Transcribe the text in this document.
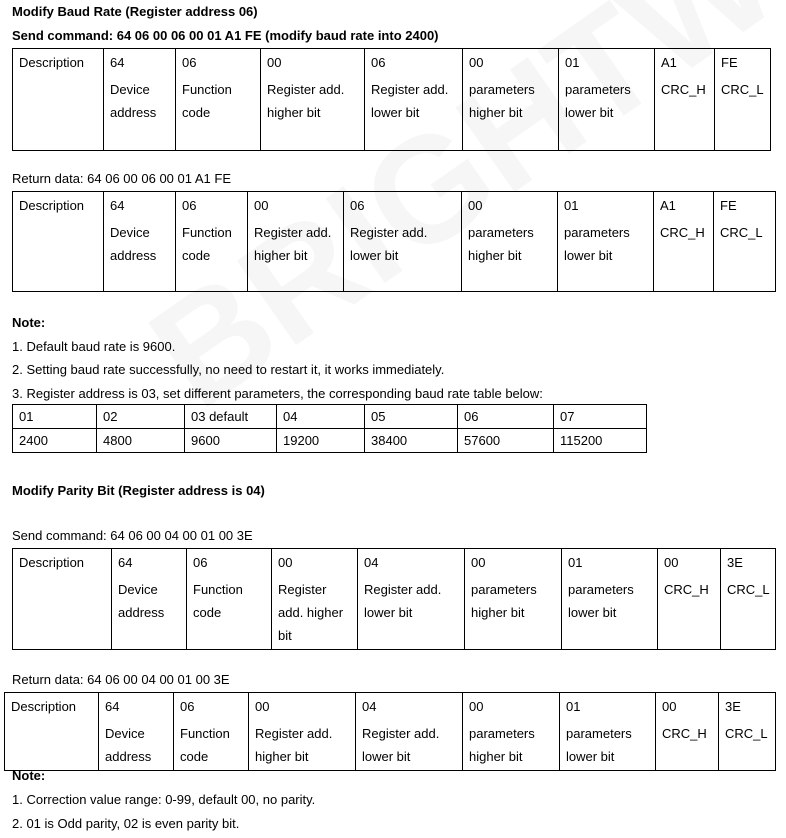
Modify Baud Rate (Register address 06)
Send command: 64 06 00 06 00 01 A1 FE (modify baud rate into 2400)
Description	64	06	00	06	00	01	A1	FE
	Device address	Function code	Register add. higher bit	Register add. lower bit	parameters higher bit	parameters lower bit	CRC_H	CRC_L
Return data: 64 06 00 06 00 01 A1 FE
Description	64	06	00	06	00	01	A1	FE
	Device address	Function code	Register add. higher bit	Register add. lower bit	parameters higher bit	parameters lower bit	CRC_H	CRC_L
Note:
1. Default baud rate is 9600.
2. Setting baud rate successfully, no need to restart it, it works immediately.
3. Register address is 03, set different parameters, the corresponding baud rate table below:
01	02	03 default	04	05	06	07
2400	4800	9600	19200	38400	57600	115200
Modify Parity Bit (Register address is 04)
Send command: 64 06 00 04 00 01 00 3E
Description	64	06	00	04	00	01	00	3E
	Device address	Function code	Register add. higher bit	Register add. lower bit	parameters higher bit	parameters lower bit	CRC_H	CRC_L
Return data: 64 06 00 04 00 01 00 3E
Description	64	06	00	04	00	01	00	3E
	Device address	Function code	Register add. higher bit	Register add. lower bit	parameters higher bit	parameters lower bit	CRC_H	CRC_L
Note:
1. Correction value range: 0-99, default 00, no parity.
2. 01 is Odd parity, 02 is even parity bit.
